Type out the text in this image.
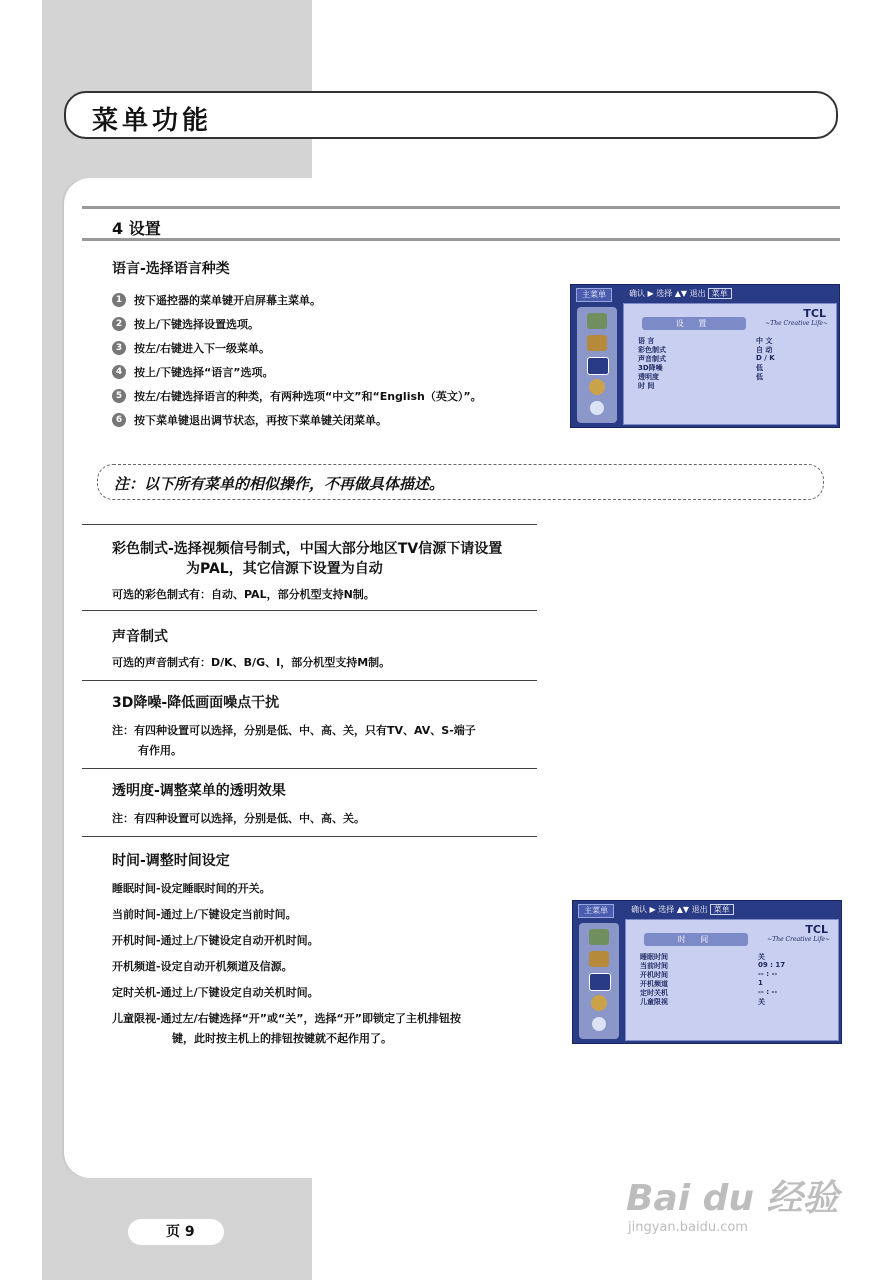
菜单功能
4 设置
语言-选择语言种类
1	按下遥控器的菜单键开启屏幕主菜单。
2	按上/下键选择设置选项。
3	按左/右键进入下一级菜单。
4	按上/下键选择“语言”选项。
5	按左/右键选择语言的种类，有两种选项“中文”和“English（英文）”。
6	按下菜单键退出调节状态，再按下菜单键关闭菜单。
主菜单	确认 ▶ 选择 ▲▼ 退出 菜单
TCL
~The Creative Life~
设 置
语 言	中 文
彩色制式	自 动
声音制式	D / K
3D降噪	低
透明度	低
时 间
注：以下所有菜单的相似操作，不再做具体描述。
彩色制式-选择视频信号制式，中国大部分地区TV信源下请设置
为PAL，其它信源下设置为自动
可选的彩色制式有：自动、PAL，部分机型支持N制。
声音制式
可选的声音制式有：D/K、B/G、I，部分机型支持M制。
3D降噪-降低画面噪点干扰
注：有四种设置可以选择，分别是低、中、高、关，只有TV、AV、S-端子
有作用。
透明度-调整菜单的透明效果
注：有四种设置可以选择，分别是低、中、高、关。
时间-调整时间设定
睡眠时间-设定睡眠时间的开关。
当前时间-通过上/下键设定当前时间。
开机时间-通过上/下键设定自动开机时间。
开机频道-设定自动开机频道及信源。
定时关机-通过上/下键设定自动关机时间。
儿童限视-通过左/右键选择“开”或“关”，选择“开”即锁定了主机排钮按
键，此时按主机上的排钮按键就不起作用了。
主菜单	确认 ▶ 选择 ▲▼ 退出 菜单
TCL
~The Creative Life~
时 间
睡眠时间	关
当前时间	09 : 17
开机时间	-- : --
开机频道	1
定时关机	-- : --
儿童限视	关
页 9
Bai du 经验
jingyan.baidu.com
